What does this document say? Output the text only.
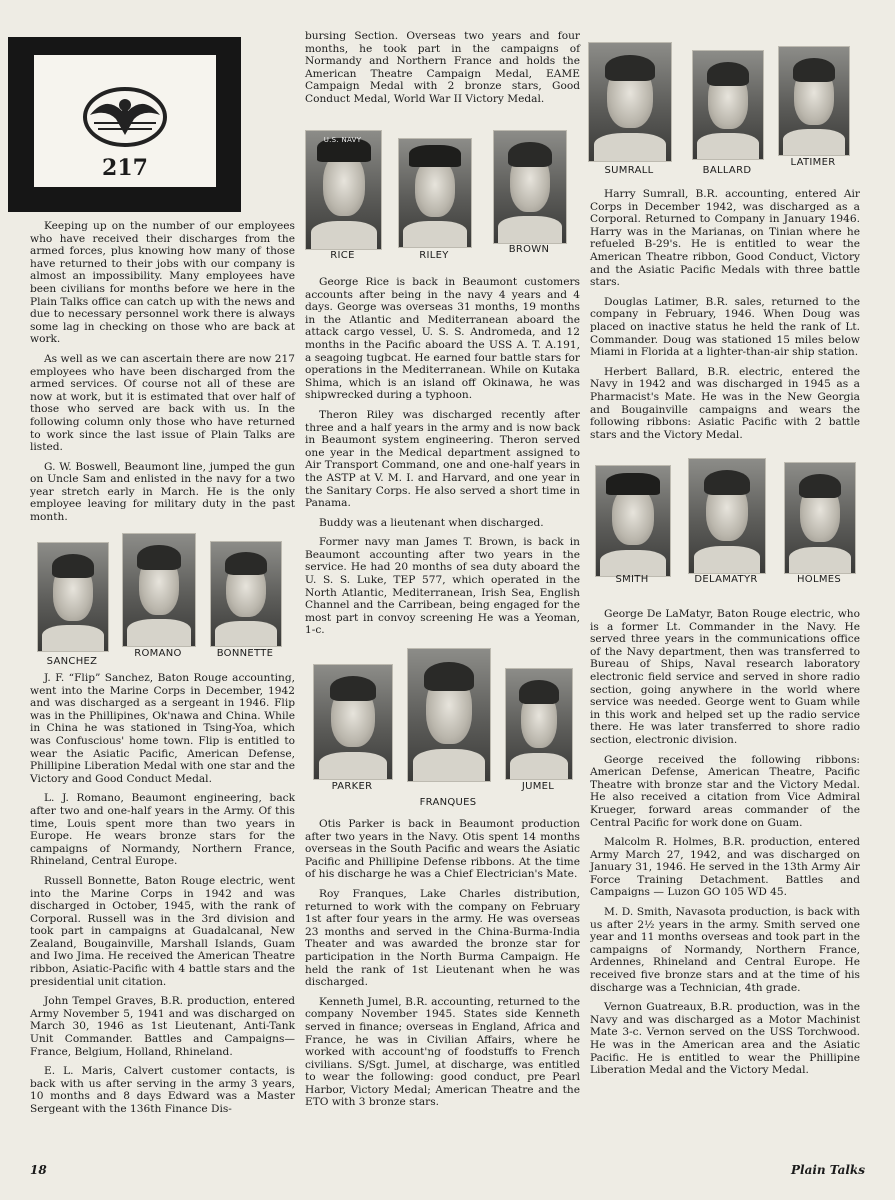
217

Keeping up on the number of our employees who have received their discharges from the armed forces, plus knowing how many of those have returned to their jobs with our company is almost an impossibility. Many employees have been civilians for months before we here in the Plain Talks office can catch up with the news and due to necessary personnel work there is always some lag in checking on those who are back at work.

As well as we can ascertain there are now 217 employees who have been discharged from the armed services. Of course not all of these are now at work, but it is estimated that over half of those who served are back with us. In the following column only those who have returned to work since the last issue of Plain Talks are listed.

G. W. Boswell, Beaumont line, jumped the gun on Uncle Sam and enlisted in the navy for a two year stretch early in March. He is the only employee leaving for military duty in the past month.

SANCHEZ
ROMANO	BONNETTE

J. F. “Flip” Sanchez, Baton Rouge accounting, went into the Marine Corps in December, 1942 and was discharged as a sergeant in 1946. Flip was in the Phillipines, Ok'nawa and China. While in China he was stationed in Tsing-Yoa, which was Confuscious' home town. Flip is entitled to wear the Asiatic Pacific, American Defense, Phillipine Liberation Medal with one star and the Victory and Good Conduct Medal.

L. J. Romano, Beaumont engineering, back after two and one-half years in the Army. Of this time, Louis spent more than two years in Europe. He wears bronze stars for the campaigns of Normandy, Northern France, Rhineland, Central Europe.

Russell Bonnette, Baton Rouge electric, went into the Marine Corps in 1942 and was discharged in October, 1945, with the rank of Corporal. Russell was in the 3rd division and took part in campaigns at Guadalcanal, New Zealand, Bougainville, Marshall Islands, Guam and Iwo Jima. He received the American Theatre ribbon, Asiatic-Pacific with 4 battle stars and the presidential unit citation.

John Tempel Graves, B.R. production, entered Army November 5, 1941 and was discharged on March 30, 1946 as 1st Lieutenant, Anti-Tank Unit Commander. Battles and Campaigns—France, Belgium, Holland, Rhineland.

E. L. Maris, Calvert customer contacts, is back with us after serving in the army 3 years, 10 months and 8 days Edward was a Master Sergeant with the 136th Finance Dis-

bursing Section. Overseas two years and four months, he took part in the campaigns of Normandy and Northern France and holds the American Theatre Campaign Medal, EAME Campaign Medal with 2 bronze stars, Good Conduct Medal, World War II Victory Medal.

U.S. NAVY
RICE	RILEY
BROWN

George Rice is back in Beaumont customers accounts after being in the navy 4 years and 4 days. George was overseas 31 months, 19 months in the Atlantic and Mediterranean aboard the attack cargo vessel, U. S. S. Andromeda, and 12 months in the Pacific aboard the USS A. T. A.191, a seagoing tugbcat. He earned four battle stars for operations in the Mediterranean. While on Kutaka Shima, which is an island off Okinawa, he was shipwrecked during a typhoon.

Theron Riley was discharged recently after three and a half years in the army and is now back in Beaumont system engineering. Theron served one year in the Medical department assigned to Air Transport Command, one and one-half years in the ASTP at V. M. I. and Harvard, and one year in the Sanitary Corps. He also served a short time in Panama.

Buddy was a lieutenant when discharged.

Former navy man James T. Brown, is back in Beaumont accounting after two years in the service. He had 20 months of sea duty aboard the U. S. S. Luke, TEP 577, which operated in the North Atlantic, Mediterranean, Irish Sea, English Channel and the Carribean, being engaged for the most part in convoy screening He was a Yeoman, 1-c.

PARKER
FRANQUES
JUMEL

Otis Parker is back in Beaumont production after two years in the Navy. Otis spent 14 months overseas in the South Pacific and wears the Asiatic Pacific and Phillipine Defense ribbons. At the time of his discharge he was a Chief Electrician's Mate.

Roy Franques, Lake Charles distribution, returned to work with the company on February 1st after four years in the army. He was overseas 23 months and served in the China-Burma-India Theater and was awarded the bronze star for participation in the North Burma Campaign. He held the rank of 1st Lieutenant when he was discharged.

Kenneth Jumel, B.R. accounting, returned to the company November 1945. States side Kenneth served in finance; overseas in England, Africa and France, he was in Civilian Affairs, where he worked with account'ng of foodstuffs to French civilians. S/Sgt. Jumel, at discharge, was entitled to wear the following: good conduct, pre Pearl Harbor, Victory Medal; American Theatre and the ETO with 3 bronze stars.

SUMRALL	BALLARD
LATIMER

Harry Sumrall, B.R. accounting, entered Air Corps in December 1942, was discharged as a Corporal. Returned to Company in January 1946. Harry was in the Marianas, on Tinian where he refueled B-29's. He is entitled to wear the American Theatre ribbon, Good Conduct, Victory and the Asiatic Pacific Medals with three battle stars.

Douglas Latimer, B.R. sales, returned to the company in February, 1946. When Doug was placed on inactive status he held the rank of Lt. Commander. Doug was stationed 15 miles below Miami in Florida at a lighter-than-air ship station.

Herbert Ballard, B.R. electric, entered the Navy in 1942 and was discharged in 1945 as a Pharmacist's Mate. He was in the New Georgia and Bougainville campaigns and wears the following ribbons: Asiatic Pacific with 2 battle stars and the Victory Medal.

SMITH	DELAMATYR	HOLMES

George De LaMatyr, Baton Rouge electric, who is a former Lt. Commander in the Navy. He served three years in the communications office of the Navy department, then was transferred to Bureau of Ships, Naval research laboratory electronic field service and served in shore radio section, going anywhere in the world where service was needed. George went to Guam while in this work and helped set up the radio service there. He was later transferred to shore radio section, electronic division.

George received the following ribbons: American Defense, American Theatre, Pacific Theatre with bronze star and the Victory Medal. He also received a citation from Vice Admiral Krueger, forward areas commander of the Central Pacific for work done on Guam.

Malcolm R. Holmes, B.R. production, entered Army March 27, 1942, and was discharged on January 31, 1946. He served in the 13th Army Air Force Training Detachment. Battles and Campaigns — Luzon GO 105 WD 45.

M. D. Smith, Navasota production, is back with us after 2½ years in the army. Smith served one year and 11 months overseas and took part in the campaigns of Normandy, Northern France, Ardennes, Rhineland and Central Europe. He received five bronze stars and at the time of his discharge was a Technician, 4th grade.

Vernon Guatreaux, B.R. production, was in the Navy and was discharged as a Motor Machinist Mate 3-c. Vernon served on the USS Torchwood. He was in the American area and the Asiatic Pacific. He is entitled to wear the Phillipine Liberation Medal and the Victory Medal.

18	Plain Talks
